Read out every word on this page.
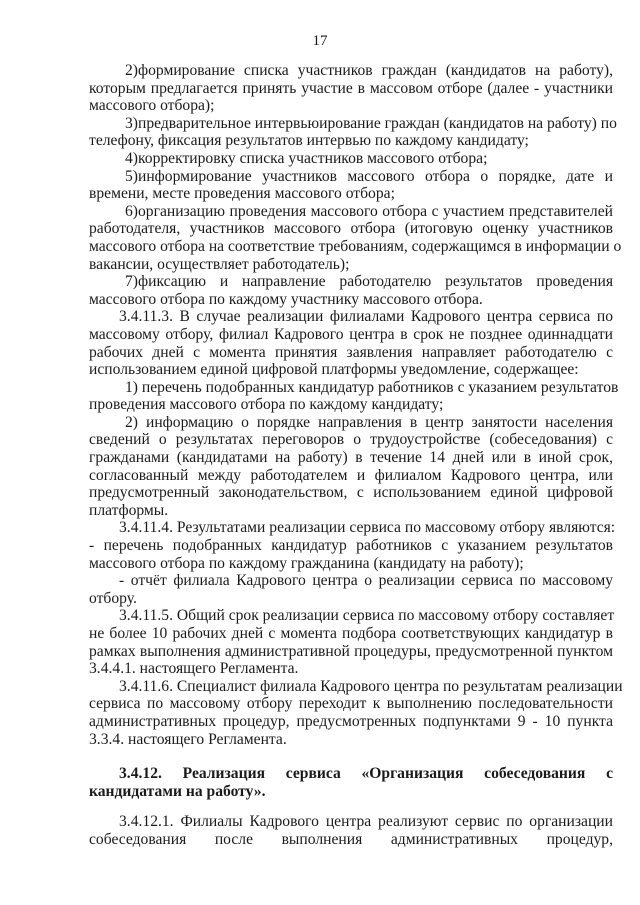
17
2)формирование списка участников граждан (кандидатов на работу),
которым предлагается принять участие в массовом отборе (далее - участники
массового отбора);
3)предварительное интервьюирование граждан (кандидатов на работу) по
телефону, фиксация результатов интервью по каждому кандидату;
4)корректировку списка участников массового отбора;
5)информирование участников массового отбора о порядке, дате и
времени, месте проведения массового отбора;
6)организацию проведения массового отбора с участием представителей
работодателя, участников массового отбора (итоговую оценку участников
массового отбора на соответствие требованиям, содержащимся в информации о
вакансии, осуществляет работодатель);
7)фиксацию и направление работодателю результатов проведения
массового отбора по каждому участнику массового отбора.
3.4.11.3. В случае реализации филиалами Кадрового центра сервиса по
массовому отбору, филиал Кадрового центра в срок не позднее одиннадцати
рабочих дней с момента принятия заявления направляет работодателю с
использованием единой цифровой платформы уведомление, содержащее:
1) перечень подобранных кандидатур работников с указанием результатов
проведения массового отбора по каждому кандидату;
2) информацию о порядке направления в центр занятости населения
сведений о результатах переговоров о трудоустройстве (собеседования) с
гражданами (кандидатами на работу) в течение 14 дней или в иной срок,
согласованный между работодателем и филиалом Кадрового центра, или
предусмотренный законодательством, с использованием единой цифровой
платформы.
3.4.11.4. Результатами реализации сервиса по массовому отбору являются:
- перечень подобранных кандидатур работников с указанием результатов
массового отбора по каждому гражданина (кандидату на работу);
- отчёт филиала Кадрового центра о реализации сервиса по массовому
отбору.
3.4.11.5. Общий срок реализации сервиса по массовому отбору составляет
не более 10 рабочих дней с момента подбора соответствующих кандидатур в
рамках выполнения административной процедуры, предусмотренной пунктом
3.4.4.1. настоящего Регламента.
3.4.11.6. Специалист филиала Кадрового центра по результатам реализации
сервиса по массовому отбору переходит к выполнению последовательности
административных процедур, предусмотренных подпунктами 9 - 10 пункта
3.3.4. настоящего Регламента.
3.4.12. Реализация сервиса «Организация собеседования с
кандидатами на работу».
3.4.12.1. Филиалы Кадрового центра реализуют сервис по организации
собеседования после выполнения административных процедур,
